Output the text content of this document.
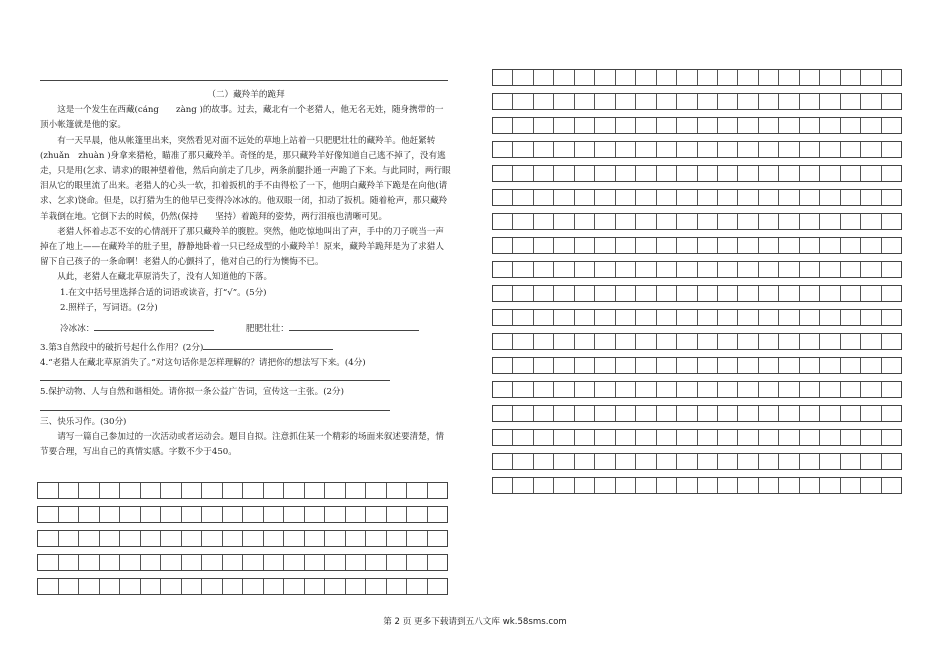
（二）藏羚羊的跪拜

这是一个发生在西藏(cáng　　zàng )的故事。过去，藏北有一个老猎人，他无名无姓，随身携带的一顶小帐篷就是他的家。

有一天早晨，他从帐篷里出来，突然看见对面不远处的草地上站着一只肥肥壮壮的藏羚羊。他赶紧转(zhuǎn　zhuàn )身拿来猎枪，瞄准了那只藏羚羊。奇怪的是，那只藏羚羊好像知道自己逃不掉了，没有逃走，只是用(乞求、请求)的眼神望着他，然后向前走了几步，两条前腿扑通一声跪了下来。与此同时，两行眼泪从它的眼里流了出来。老猎人的心头一软，扣着扳机的手不由得松了一下，他明白藏羚羊下跪是在向他(请求、乞求)饶命。但是，以打猎为生的他早已变得冷冰冰的。他双眼一闭，扣动了扳机。随着枪声，那只藏羚羊栽倒在地。它倒下去的时候，仍然(保持　　坚持）着跪拜的姿势，两行泪痕也清晰可见。

老猎人怀着忐忑不安的心情剖开了那只藏羚羊的腹腔。突然，他吃惊地叫出了声，手中的刀子咣当一声掉在了地上——在藏羚羊的肚子里，静静地卧着一只已经成型的小藏羚羊！原来，藏羚羊跪拜是为了求猎人留下自己孩子的一条命啊！老猎人的心颤抖了，他对自己的行为懊悔不已。

从此，老猎人在藏北草原消失了，没有人知道他的下落。

1.在文中括号里选择合适的词语或读音，打“√”。(5分)

2.照样子，写词语。(2分)

冷冰冰：	肥肥壮壮：

3.第3自然段中的破折号起什么作用？(2分)

4.“老猎人在藏北草原消失了。”对这句话你是怎样理解的？请把你的想法写下来。(4分)

5.保护动物、人与自然和谐相处。请你拟一条公益广告词，宣传这一主张。(2分)

三、快乐习作。(30分)

请写一篇自己参加过的一次活动或者运动会。题目自拟。注意抓住某一个精彩的场面来叙述要清楚，情节要合理，写出自己的真情实感。字数不少于450。

第 2 页 更多下载请到五八文库 wk.58sms.com
